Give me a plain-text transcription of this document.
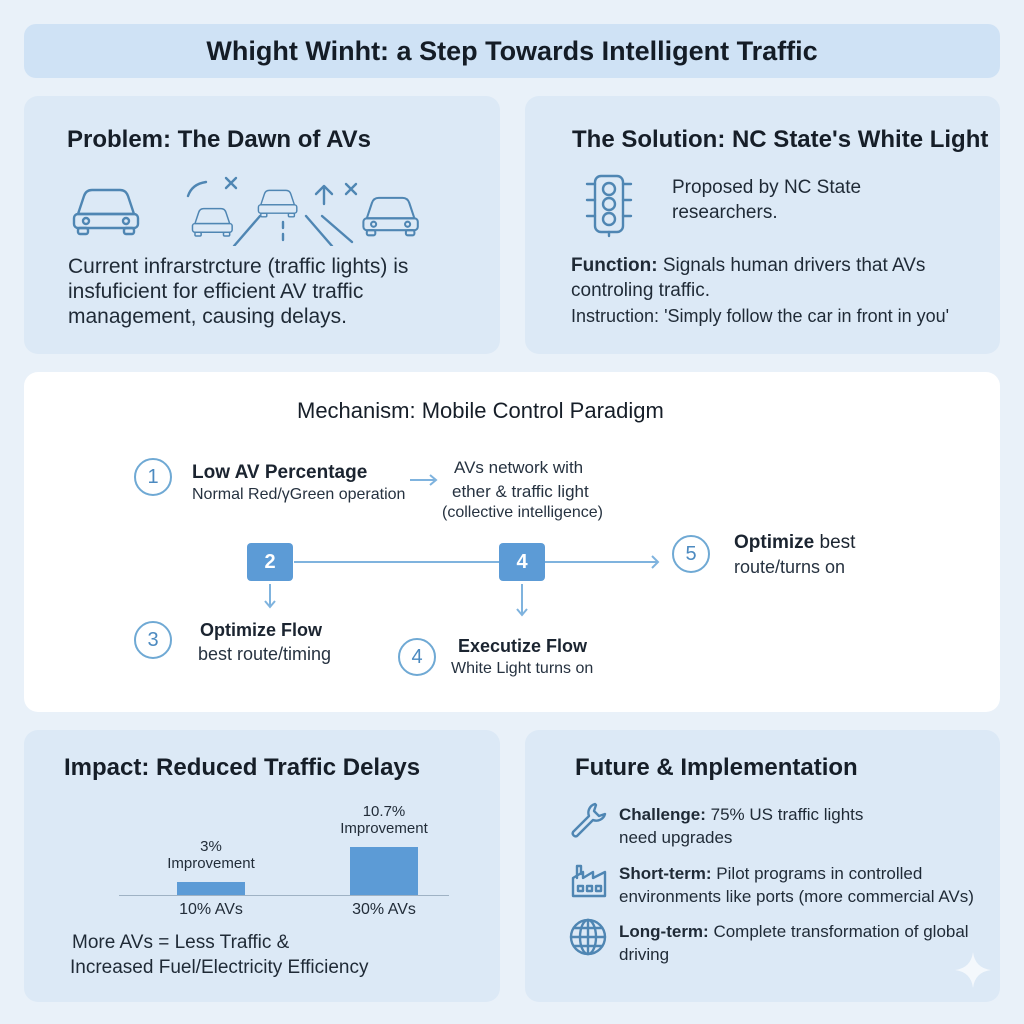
Whight Winht: a Step Towards Intelligent Traffic
Problem: The Dawn of AVs
Current infrarstrcture (traffic lights) is
insfuficient for efficient AV traffic
management, causing delays.
The Solution: NC State's White Light
Proposed by NC State
researchers.
Function: Signals human drivers that AVs
controling traffic.
Instruction: 'Simply follow the car in front in you'
Mechanism: Mobile Control Paradigm
1	Low AV Percentage
Normal Red/γGreen operation
AVs network with
ether & traffic light
(collective intelligence)
2	4	5	Optimize best
route/turns on
3	Optimize Flow
best route/timing	4	Executize Flow
White Light turns on
Impact: Reduced Traffic Delays
3%
Improvement
10% AVs
10.7%
Improvement
30% AVs
More AVs = Less Traffic &
Increased Fuel/Electricity Efficiency
Future & Implementation
Challenge: 75% US traffic lights
need upgrades
Short-term: Pilot programs in controlled
environments like ports (more commercial AVs)
Long-term: Complete transformation of global
driving
